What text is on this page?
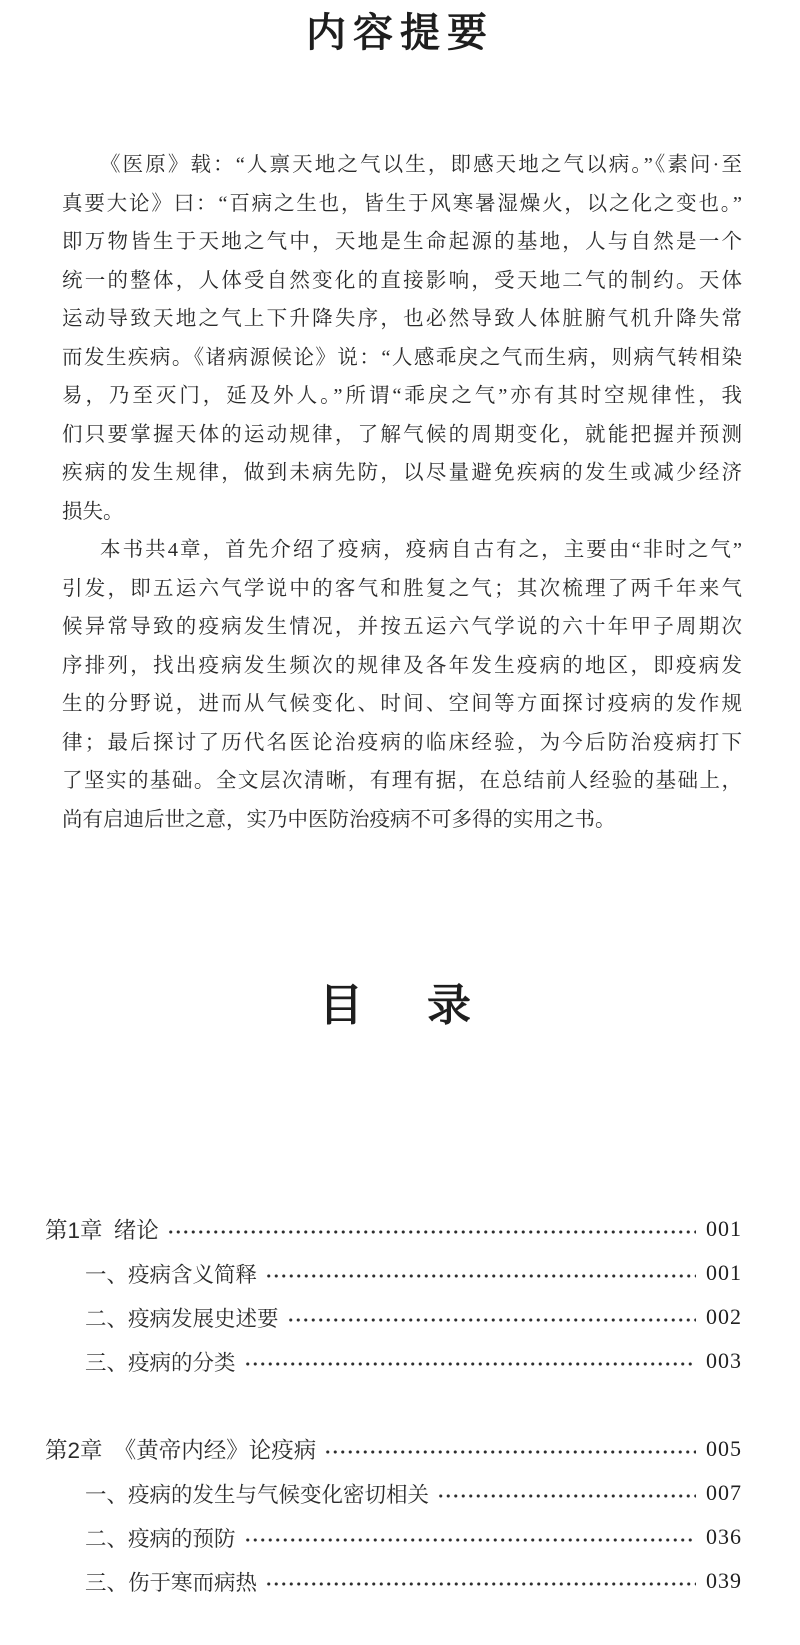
内容提要
《医原》载：“人禀天地之气以生，即感天地之气以病。”《素问·至
真要大论》曰：“百病之生也，皆生于风寒暑湿燥火，以之化之变也。”
即万物皆生于天地之气中，天地是生命起源的基地，人与自然是一个
统一的整体，人体受自然变化的直接影响，受天地二气的制约。天体
运动导致天地之气上下升降失序，也必然导致人体脏腑气机升降失常
而发生疾病。《诸病源候论》说：“人感乖戾之气而生病，则病气转相染
易，乃至灭门，延及外人。”所谓“乖戾之气”亦有其时空规律性，我
们只要掌握天体的运动规律，了解气候的周期变化，就能把握并预测
疾病的发生规律，做到未病先防，以尽量避免疾病的发生或减少经济
损失。
本书共4章，首先介绍了疫病，疫病自古有之，主要由“非时之气”
引发，即五运六气学说中的客气和胜复之气；其次梳理了两千年来气
候异常导致的疫病发生情况，并按五运六气学说的六十年甲子周期次
序排列，找出疫病发生频次的规律及各年发生疫病的地区，即疫病发
生的分野说，进而从气候变化、时间、空间等方面探讨疫病的发作规
律；最后探讨了历代名医论治疫病的临床经验，为今后防治疫病打下
了坚实的基础。全文层次清晰，有理有据，在总结前人经验的基础上，
尚有启迪后世之意，实乃中医防治疫病不可多得的实用之书。
目　录
第1章 绪论	001
一、疫病含义简释	001
二、疫病发展史述要	002
三、疫病的分类	003
第2章 《黄帝内经》论疫病	005
一、疫病的发生与气候变化密切相关	007
二、疫病的预防	036
三、伤于寒而病热	039
